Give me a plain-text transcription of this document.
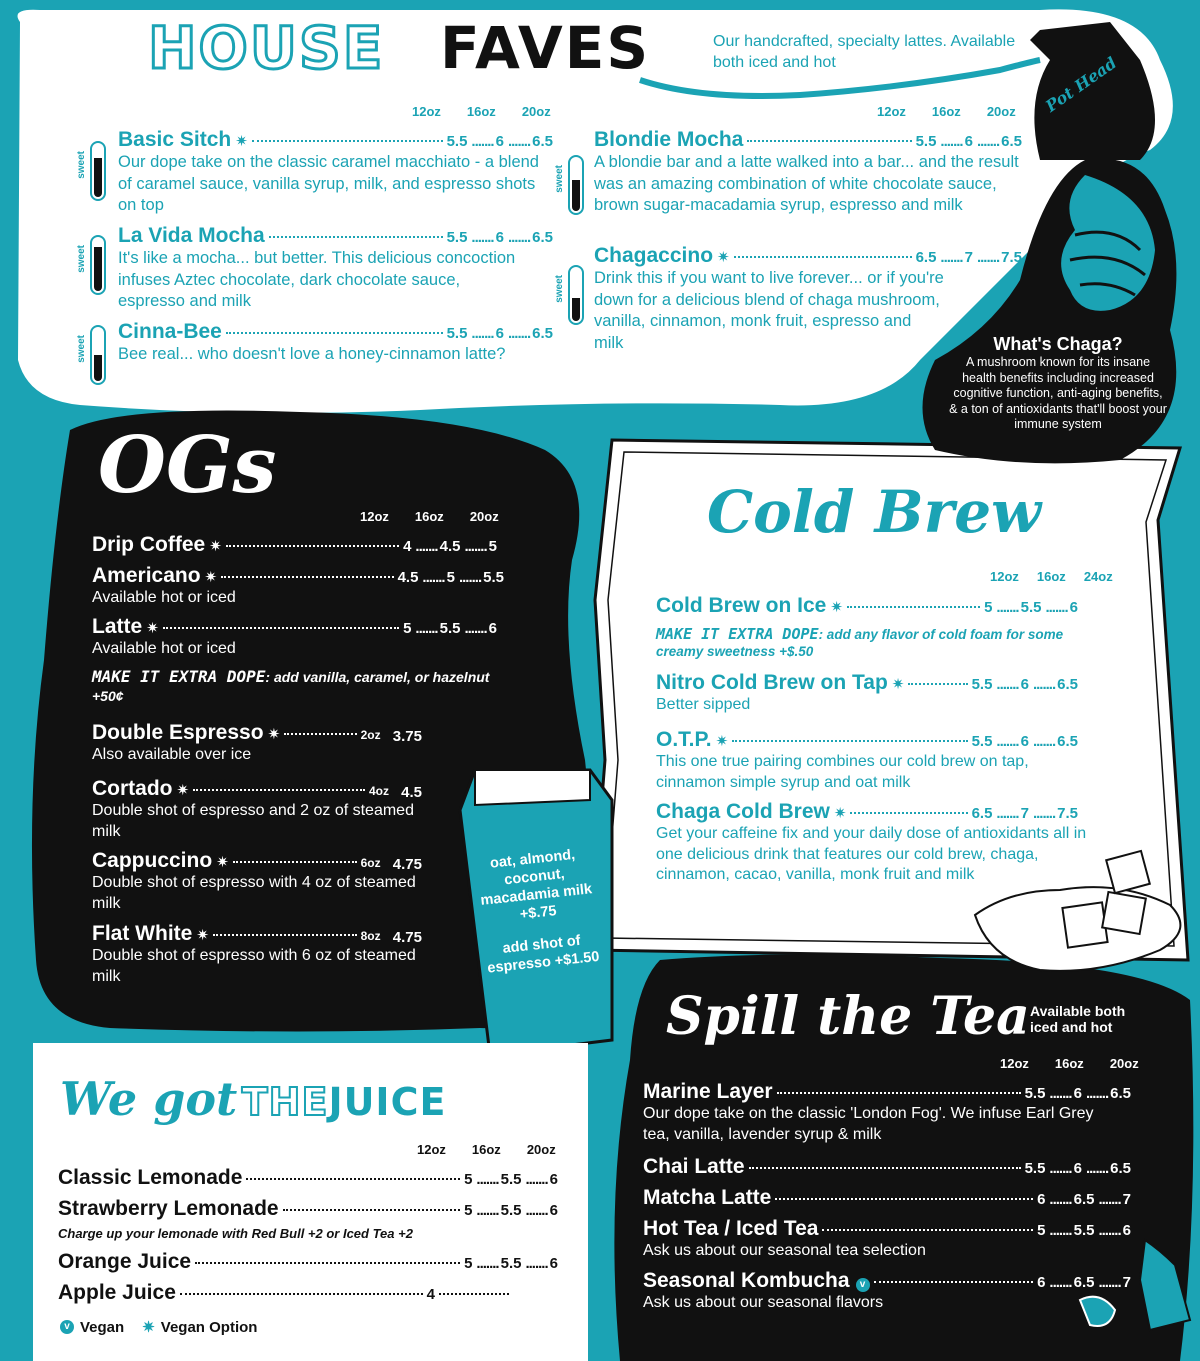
HOUSE FAVES	Our handcrafted, specialty lattes. Available both iced and hot	Pot Head
12oz 16oz 20oz	12oz 16oz 20oz
sweet
Basic Sitch ✷	5.5	....... 6	....... 6.5
Our dope take on the classic caramel macchiato - a blend of caramel sauce, vanilla syrup, milk, and espresso shots on top
sweet
La Vida Mocha	5.5	....... 6	....... 6.5
It's like a mocha... but better. This delicious concoction infuses Aztec chocolate, dark chocolate sauce, espresso and milk
sweet
Cinna-Bee	5.5	....... 6	....... 6.5
Bee real... who doesn't love a honey-cinnamon latte?
sweet
Blondie Mocha	5.5	....... 6	....... 6.5
A blondie bar and a latte walked into a bar... and the result was an amazing combination of white chocolate sauce, brown sugar-macadamia syrup, espresso and milk
sweet
Chagaccino ✷	6.5	....... 7	....... 7.5
Drink this if you want to live forever... or if you're down for a delicious blend of chaga mushroom, vanilla, cinnamon, monk fruit, espresso and milk	What's Chaga?
A mushroom known for its insane health benefits including increased cognitive function, anti-aging benefits, & a ton of antioxidants that'll boost your immune system
OGs
12oz 16oz 20oz
Drip Coffee ✷	4	....... 4.5	....... 5
Americano ✷	4.5	....... 5	....... 5.5
Available hot or iced
Latte ✷	5	....... 5.5	....... 6
Available hot or iced
MAKE IT EXTRA DOPE: add vanilla, caramel, or hazelnut +50¢
Double Espresso ✷	2oz
3.75
Also available over ice
Cortado ✷	4oz
4.5
Double shot of espresso and 2 oz of steamed milk
Cappuccino ✷	6oz
4.75
Double shot of espresso with 4 oz of steamed milk
Flat White ✷	8oz
4.75
Double shot of espresso with 6 oz of steamed milk
oat, almond, coconut, macadamia milk +$.75
add shot of espresso +$1.50
Cold Brew
12oz 16oz 24oz
Cold Brew on Ice ✷	5	....... 5.5	....... 6
MAKE IT EXTRA DOPE: add any flavor of cold foam for some creamy sweetness +$.50
Nitro Cold Brew on Tap ✷	5.5	....... 6	....... 6.5
Better sipped
O.T.P. ✷	5.5	....... 6	....... 6.5
This one true pairing combines our cold brew on tap, cinnamon simple syrup and oat milk
Chaga Cold Brew ✷	6.5	....... 7	....... 7.5
Get your caffeine fix and your daily dose of antioxidants all in one delicious drink that features our cold brew, chaga, cinnamon, cacao, vanilla, monk fruit and milk
We got THEJUICE
12oz 16oz 20oz
Classic Lemonade	5	....... 5.5	....... 6
Strawberry Lemonade	5	....... 5.5	....... 6
Charge up your lemonade with Red Bull +2 or Iced Tea +2
Orange Juice	5	....... 5.5	....... 6
Apple Juice	4
v Vegan ✷ Vegan Option
Spill the Tea Available both iced and hot
12oz 16oz 20oz
Marine Layer	5.5	....... 6	....... 6.5
Our dope take on the classic 'London Fog'. We infuse Earl Grey tea, vanilla, lavender syrup & milk
Chai Latte	5.5	....... 6	....... 6.5
Matcha Latte	6	....... 6.5	....... 7
Hot Tea / Iced Tea	5	....... 5.5	....... 6
Ask us about our seasonal tea selection
Seasonal Kombucha	v	6	....... 6.5	....... 7
Ask us about our seasonal flavors
